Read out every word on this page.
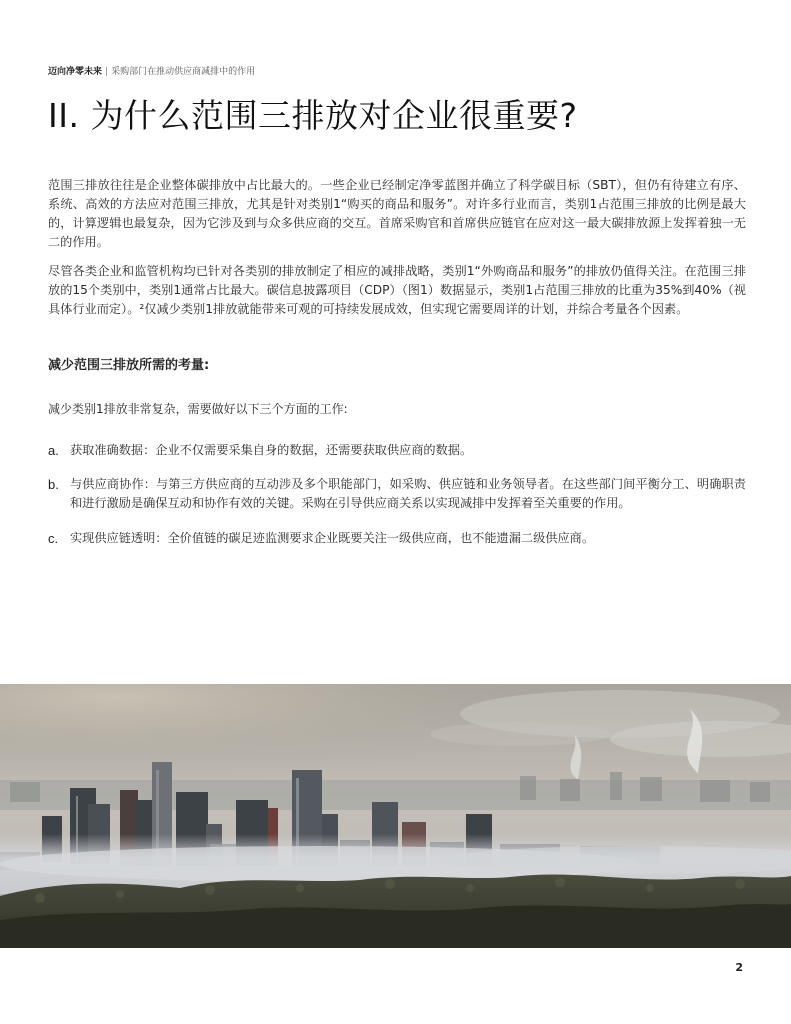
迈向净零未来 | 采购部门在推动供应商减排中的作用
II. 为什么范围三排放对企业很重要?

范围三排放往往是企业整体碳排放中占比最大的。一些企业已经制定净零蓝图并确立了科学碳目标（SBT），但仍有待建立有序、系统、高效的方法应对范围三排放，尤其是针对类别1“购买的商品和服务”。对许多行业而言，类别1占范围三排放的比例是最大的，计算逻辑也最复杂，因为它涉及到与众多供应商的交互。首席采购官和首席供应链官在应对这一最大碳排放源上发挥着独一无二的作用。

尽管各类企业和监管机构均已针对各类别的排放制定了相应的减排战略，类别1“外购商品和服务”的排放仍值得关注。在范围三排放的15个类别中，类别1通常占比最大。碳信息披露项目（CDP）（图1）数据显示，类别1占范围三排放的比重为35%到40%（视具体行业而定）。²仅减少类别1排放就能带来可观的可持续发展成效，但实现它需要周详的计划，并综合考量各个因素。

减少范围三排放所需的考量:

减少类别1排放非常复杂，需要做好以下三个方面的工作:

a. 获取准确数据：企业不仅需要采集自身的数据，还需要获取供应商的数据。
b. 与供应商协作：与第三方供应商的互动涉及多个职能部门，如采购、供应链和业务领导者。在这些部门间平衡分工、明确职责和进行激励是确保互动和协作有效的关键。采购在引导供应商关系以实现减排中发挥着至关重要的作用。
c. 实现供应链透明：全价值链的碳足迹监测要求企业既要关注一级供应商，也不能遗漏二级供应商。
2
